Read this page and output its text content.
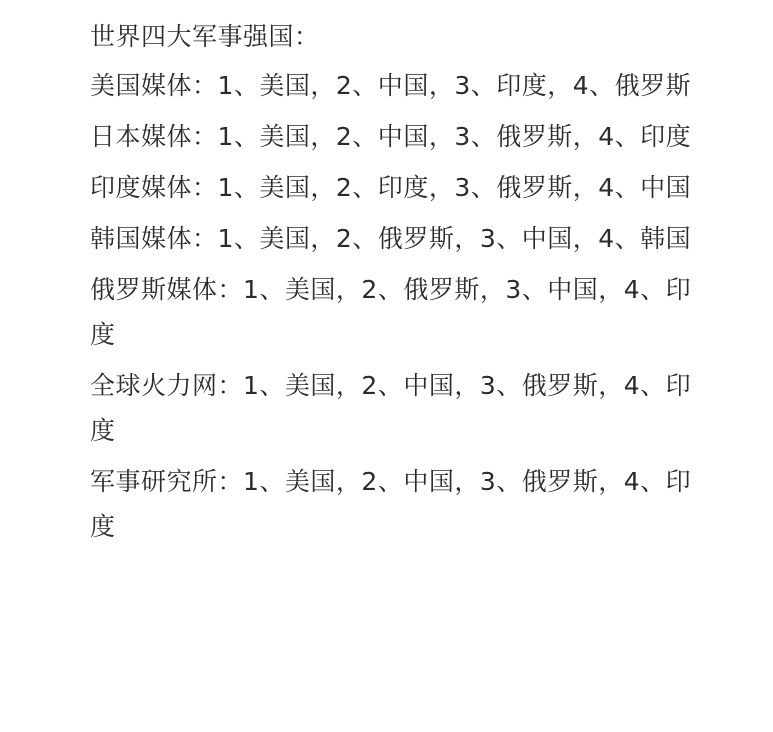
世界四大军事强国：

美国媒体：1、美国，2、中国，3、印度，4、俄罗斯

日本媒体：1、美国，2、中国，3、俄罗斯，4、印度

印度媒体：1、美国，2、印度，3、俄罗斯，4、中国

韩国媒体：1、美国，2、俄罗斯，3、中国，4、韩国

俄罗斯媒体：1、美国，2、俄罗斯，3、中国，4、印度

全球火力网：1、美国，2、中国，3、俄罗斯，4、印度

军事研究所：1、美国，2、中国，3、俄罗斯，4、印度
